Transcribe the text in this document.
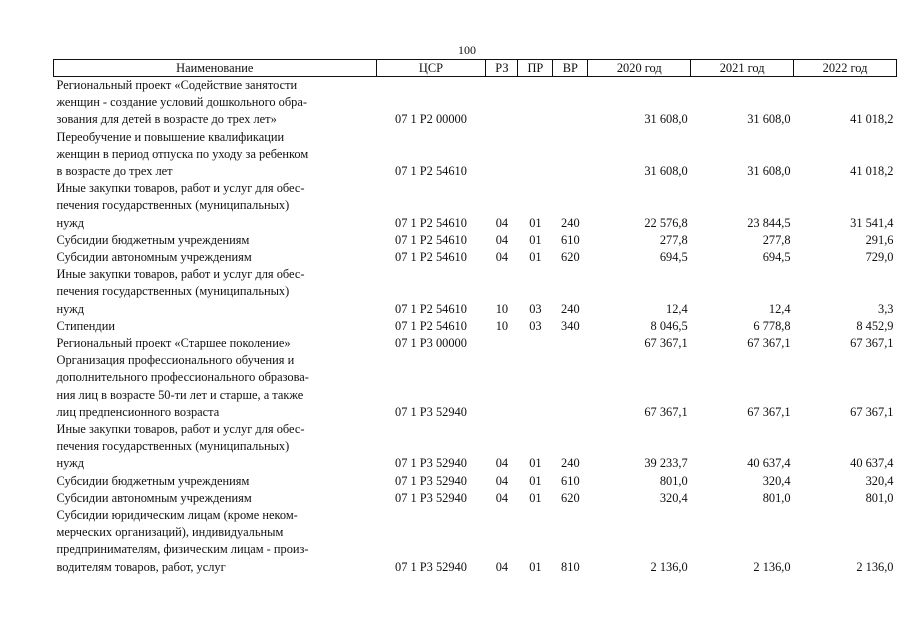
100
Наименование	ЦСР	РЗ	ПР	ВР	2020 год	2021 год	2022 год
Региональный проект «Содействие занятости
женщин - создание условий дошкольного обра-
зования для детей в возрасте до трех лет»	07 1 Р2 00000				31 608,0	31 608,0	41 018,2
Переобучение и повышение квалификации
женщин в период отпуска по уходу за ребенком
в возрасте до трех лет	07 1 Р2 54610				31 608,0	31 608,0	41 018,2
Иные закупки товаров, работ и услуг для обес-
печения государственных (муниципальных)
нужд	07 1 Р2 54610	04	01	240	22 576,8	23 844,5	31 541,4
Субсидии бюджетным учреждениям	07 1 Р2 54610	04	01	610	277,8	277,8	291,6
Субсидии автономным учреждениям	07 1 Р2 54610	04	01	620	694,5	694,5	729,0
Иные закупки товаров, работ и услуг для обес-
печения государственных (муниципальных)
нужд	07 1 Р2 54610	10	03	240	12,4	12,4	3,3
Стипендии	07 1 Р2 54610	10	03	340	8 046,5	6 778,8	8 452,9
Региональный проект «Старшее поколение»	07 1 Р3 00000				67 367,1	67 367,1	67 367,1
Организация профессионального обучения и
дополнительного профессионального образова-
ния лиц в возрасте 50-ти лет и старше, а также
лиц предпенсионного возраста	07 1 Р3 52940				67 367,1	67 367,1	67 367,1
Иные закупки товаров, работ и услуг для обес-
печения государственных (муниципальных)
нужд	07 1 Р3 52940	04	01	240	39 233,7	40 637,4	40 637,4
Субсидии бюджетным учреждениям	07 1 Р3 52940	04	01	610	801,0	320,4	320,4
Субсидии автономным учреждениям	07 1 Р3 52940	04	01	620	320,4	801,0	801,0
Субсидии юридическим лицам (кроме неком-
мерческих организаций), индивидуальным
предпринимателям, физическим лицам - произ-
водителям товаров, работ, услуг	07 1 Р3 52940	04	01	810	2 136,0	2 136,0	2 136,0
